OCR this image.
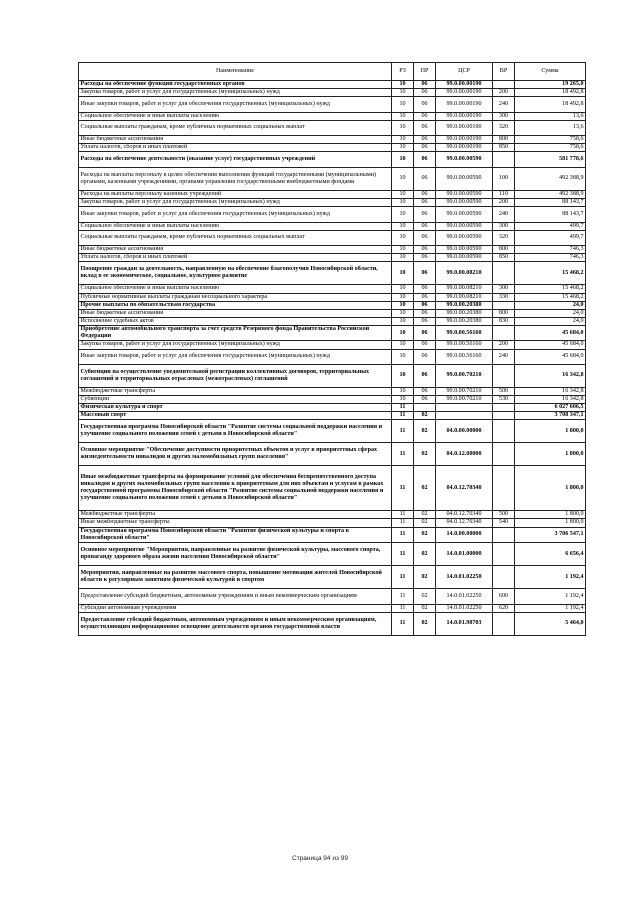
Наименование	РЗ	ПР	ЦСР	ВР	Сумма
Расходы на обеспечение функций государственных органов	10	06	99.0.00.00190		19 265,0
Закупка товаров, работ и услуг для государственных (муниципальных) нужд	10	06	99.0.00.00190	200	18 492,8
Иные закупки товаров, работ и услуг для обеспечения государственных (муниципальных) нужд	10	06	99.0.00.00190	240	18 492,8
Социальное обеспечение и иные выплаты населению	10	06	99.0.00.00190	300	13,6
Социальные выплаты гражданам, кроме публичных нормативных социальных выплат	10	06	99.0.00.00190	320	13,6
Иные бюджетные ассигнования	10	06	99.0.00.00190	800	758,6
Уплата налогов, сборов и иных платежей	10	06	99.0.00.00190	850	758,6
Расходы на обеспечение деятельности (оказание услуг) государственных учреждений	10	06	99.0.00.00590		581 778,6
Расходы на выплаты персоналу в целях обеспечения выполнения функций государственными (муниципальными) органами, казенными учреждениями, органами управления государственными внебюджетными фондами	10	06	99.0.00.00590	100	492 388,9
Расходы на выплаты персоналу казенных учреждений	10	06	99.0.00.00590	110	492 388,9
Закупка товаров, работ и услуг для государственных (муниципальных) нужд	10	06	99.0.00.00590	200	88 143,7
Иные закупки товаров, работ и услуг для обеспечения государственных (муниципальных) нужд	10	06	99.0.00.00590	240	88 143,7
Социальное обеспечение и иные выплаты населению	10	06	99.0.00.00590	300	499,7
Социальные выплаты гражданам, кроме публичных нормативных социальных выплат	10	06	99.0.00.00590	320	499,7
Иные бюджетные ассигнования	10	06	99.0.00.00590	800	746,3
Уплата налогов, сборов и иных платежей	10	06	99.0.00.00590	850	746,3
Поощрение граждан за деятельность, направленную на обеспечение благополучия Новосибирской области, вклад в ее экономическое, социальное, культурное развитие	10	06	99.0.00.08210		15 468,2
Социальное обеспечение и иные выплаты населению	10	06	99.0.00.08210	300	15 468,2
Публичные нормативные выплаты гражданам несоциального характера	10	06	99.0.00.08210	330	15 468,2
Прочие выплаты по обязательствам государства	10	06	99.0.00.20380		24,0
Иные бюджетные ассигнования	10	06	99.0.00.20380	800	24,0
Исполнение судебных актов	10	06	99.0.00.20380	830	24,0
Приобретение автомобильного транспорта за счет средств Резервного фонда Правительства Российской Федерации	10	06	99.0.00.56160		45 684,0
Закупка товаров, работ и услуг для государственных (муниципальных) нужд	10	06	99.0.00.56160	200	45 684,0
Иные закупки товаров, работ и услуг для обеспечения государственных (муниципальных) нужд	10	06	99.0.00.56160	240	45 684,0
Субвенции на осуществление уведомительной регистрации коллективных договоров, территориальных соглашений и территориальных отраслевых (межотраслевых) соглашений	10	06	99.0.00.70210		16 342,8
Межбюджетные трансферты	10	06	99.0.00.70210	500	16 342,8
Субвенции	10	06	99.0.00.70210	530	16 342,8
Физическая культура и спорт	11				6 027 606,5
Массовый спорт	11	02			3 708 347,1
Государственная программа Новосибирской области "Развитие системы социальной поддержки населения и улучшение социального положения семей с детьми в Новосибирской области"	11	02	04.0.00.00000		1 800,0
Основное мероприятие "Обеспечение доступности приоритетных объектов и услуг в приоритетных сферах жизнедеятельности инвалидов и других маломобильных групп населения"	11	02	04.0.12.00000		1 800,0
Иные межбюджетные трансферты на формирование условий для обеспечения беспрепятственного доступа инвалидов и других маломобильных групп населения к приоритетным для них объектам и услугам в рамках государственной программы Новосибирской области "Развитие системы социальной поддержки населения и улучшение социального положения семей с детьми в Новосибирской области"	11	02	04.0.12.70340		1 800,0
Межбюджетные трансферты	11	02	04.0.12.70340	500	1 800,0
Иные межбюджетные трансферты	11	02	04.0.12.70340	540	1 800,0
Государственная программа Новосибирской области "Развитие физической культуры и спорта в Новосибирской области"	11	02	14.0.00.00000		3 706 547,1
Основное мероприятие "Мероприятия, направленные на развитие физической культуры, массового спорта, пропаганду здорового образа жизни населения Новосибирской области"	11	02	14.0.01.00000		6 656,4
Мероприятия, направленные на развитие массового спорта, повышение мотивации жителей Новосибирской области к регулярным занятиям физической культурой и спортом	11	02	14.0.01.02250		1 192,4
Предоставление субсидий бюджетным, автономным учреждениям и иным некоммерческим организациям	11	02	14.0.01.02250	600	1 192,4
Субсидии автономным учреждениям	11	02	14.0.01.02250	620	1 192,4
Предоставление субсидий бюджетным, автономным учреждениям и иным некоммерческим организациям, осуществляющим информационное освещение деятельности органов государственной власти	11	02	14.0.01.98703		5 464,0
Страница 94 из 99
